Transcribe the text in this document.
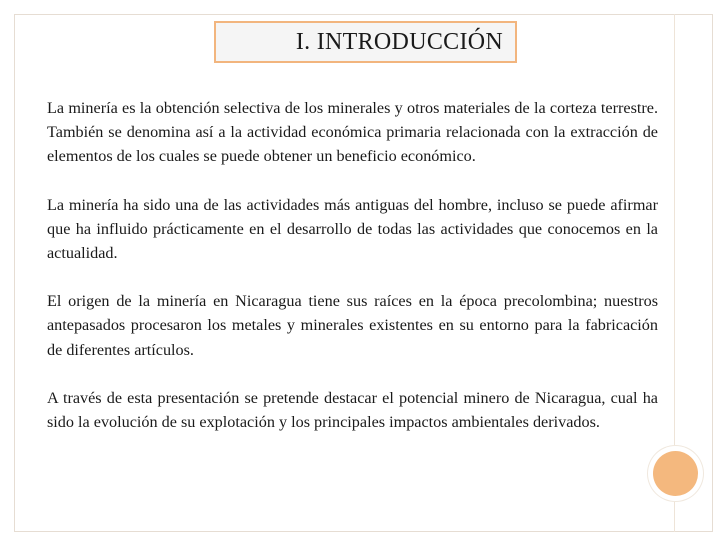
I. INTRODUCCIÓN

La minería es la obtención selectiva de los minerales y otros materiales de la corteza terrestre. También se denomina así a la actividad económica primaria relacionada con la extracción de elementos de los cuales se puede obtener un beneficio económico.

La minería ha sido una de las actividades más antiguas del hombre, incluso se puede afirmar que ha influido prácticamente en el desarrollo de todas las actividades que conocemos en la actualidad.

El origen de la minería en Nicaragua tiene sus raíces en la época precolombina; nuestros antepasados procesaron los metales y minerales existentes en su entorno para la fabricación de diferentes artículos.

A través de esta presentación se pretende destacar el potencial minero de Nicaragua, cual ha sido la evolución de su explotación y los principales impactos ambientales derivados.
